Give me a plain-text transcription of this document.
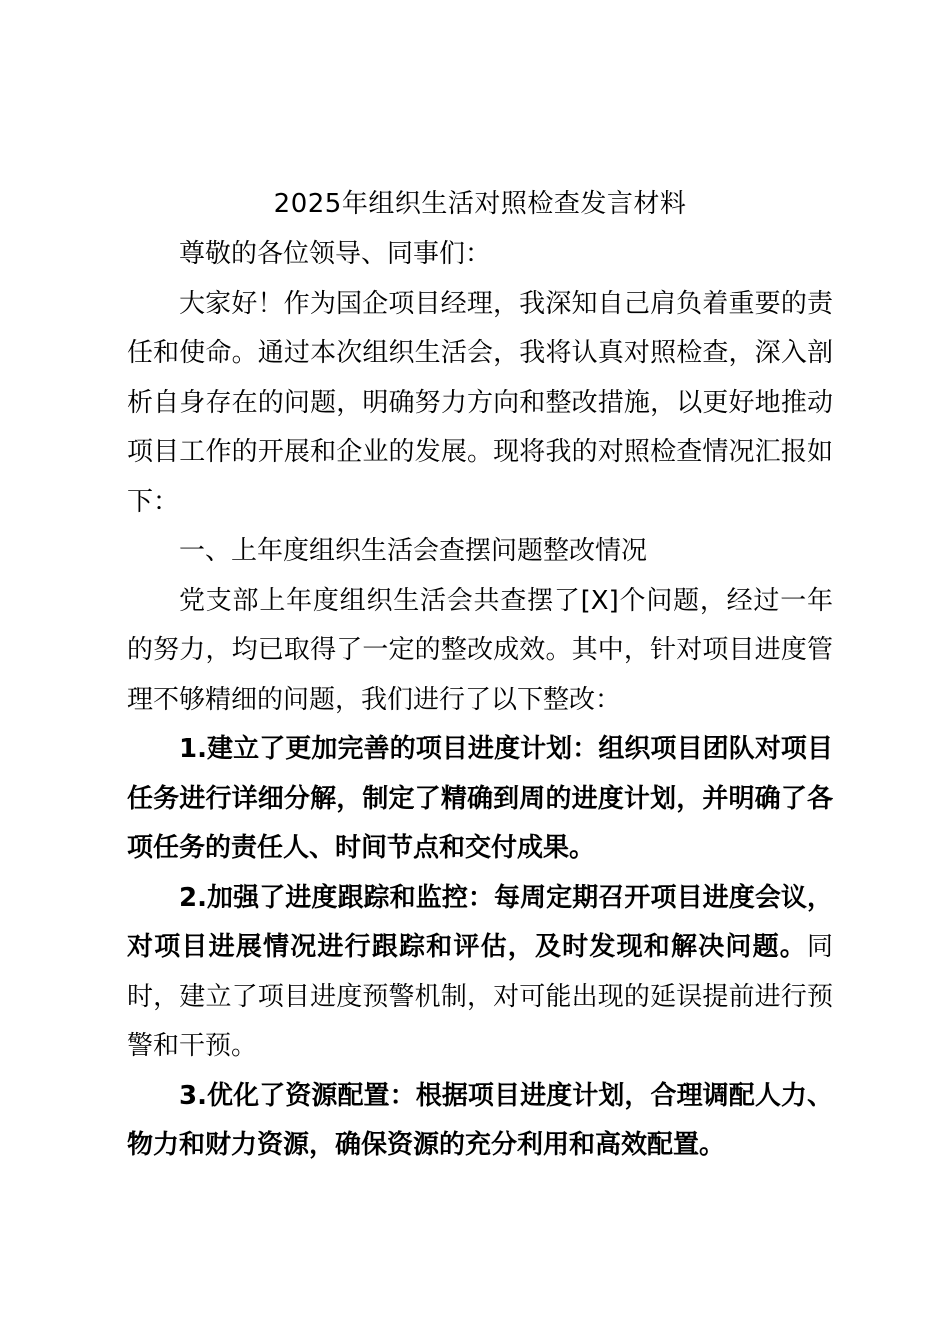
2025年组织生活对照检查发言材料

尊敬的各位领导、同事们：

大家好！作为国企项目经理，我深知自己肩负着重要的责任和使命。通过本次组织生活会，我将认真对照检查，深入剖析自身存在的问题，明确努力方向和整改措施，以更好地推动项目工作的开展和企业的发展。现将我的对照检查情况汇报如下：

一、上年度组织生活会查摆问题整改情况

党支部上年度组织生活会共查摆了[X]个问题，经过一年的努力，均已取得了一定的整改成效。其中，针对项目进度管理不够精细的问题，我们进行了以下整改：

1.建立了更加完善的项目进度计划：组织项目团队对项目任务进行详细分解，制定了精确到周的进度计划，并明确了各项任务的责任人、时间节点和交付成果。

2.加强了进度跟踪和监控：每周定期召开项目进度会议，对项目进展情况进行跟踪和评估，及时发现和解决问题。同时，建立了项目进度预警机制，对可能出现的延误提前进行预警和干预。

3.优化了资源配置：根据项目进度计划，合理调配人力、物力和财力资源，确保资源的充分利用和高效配置。
